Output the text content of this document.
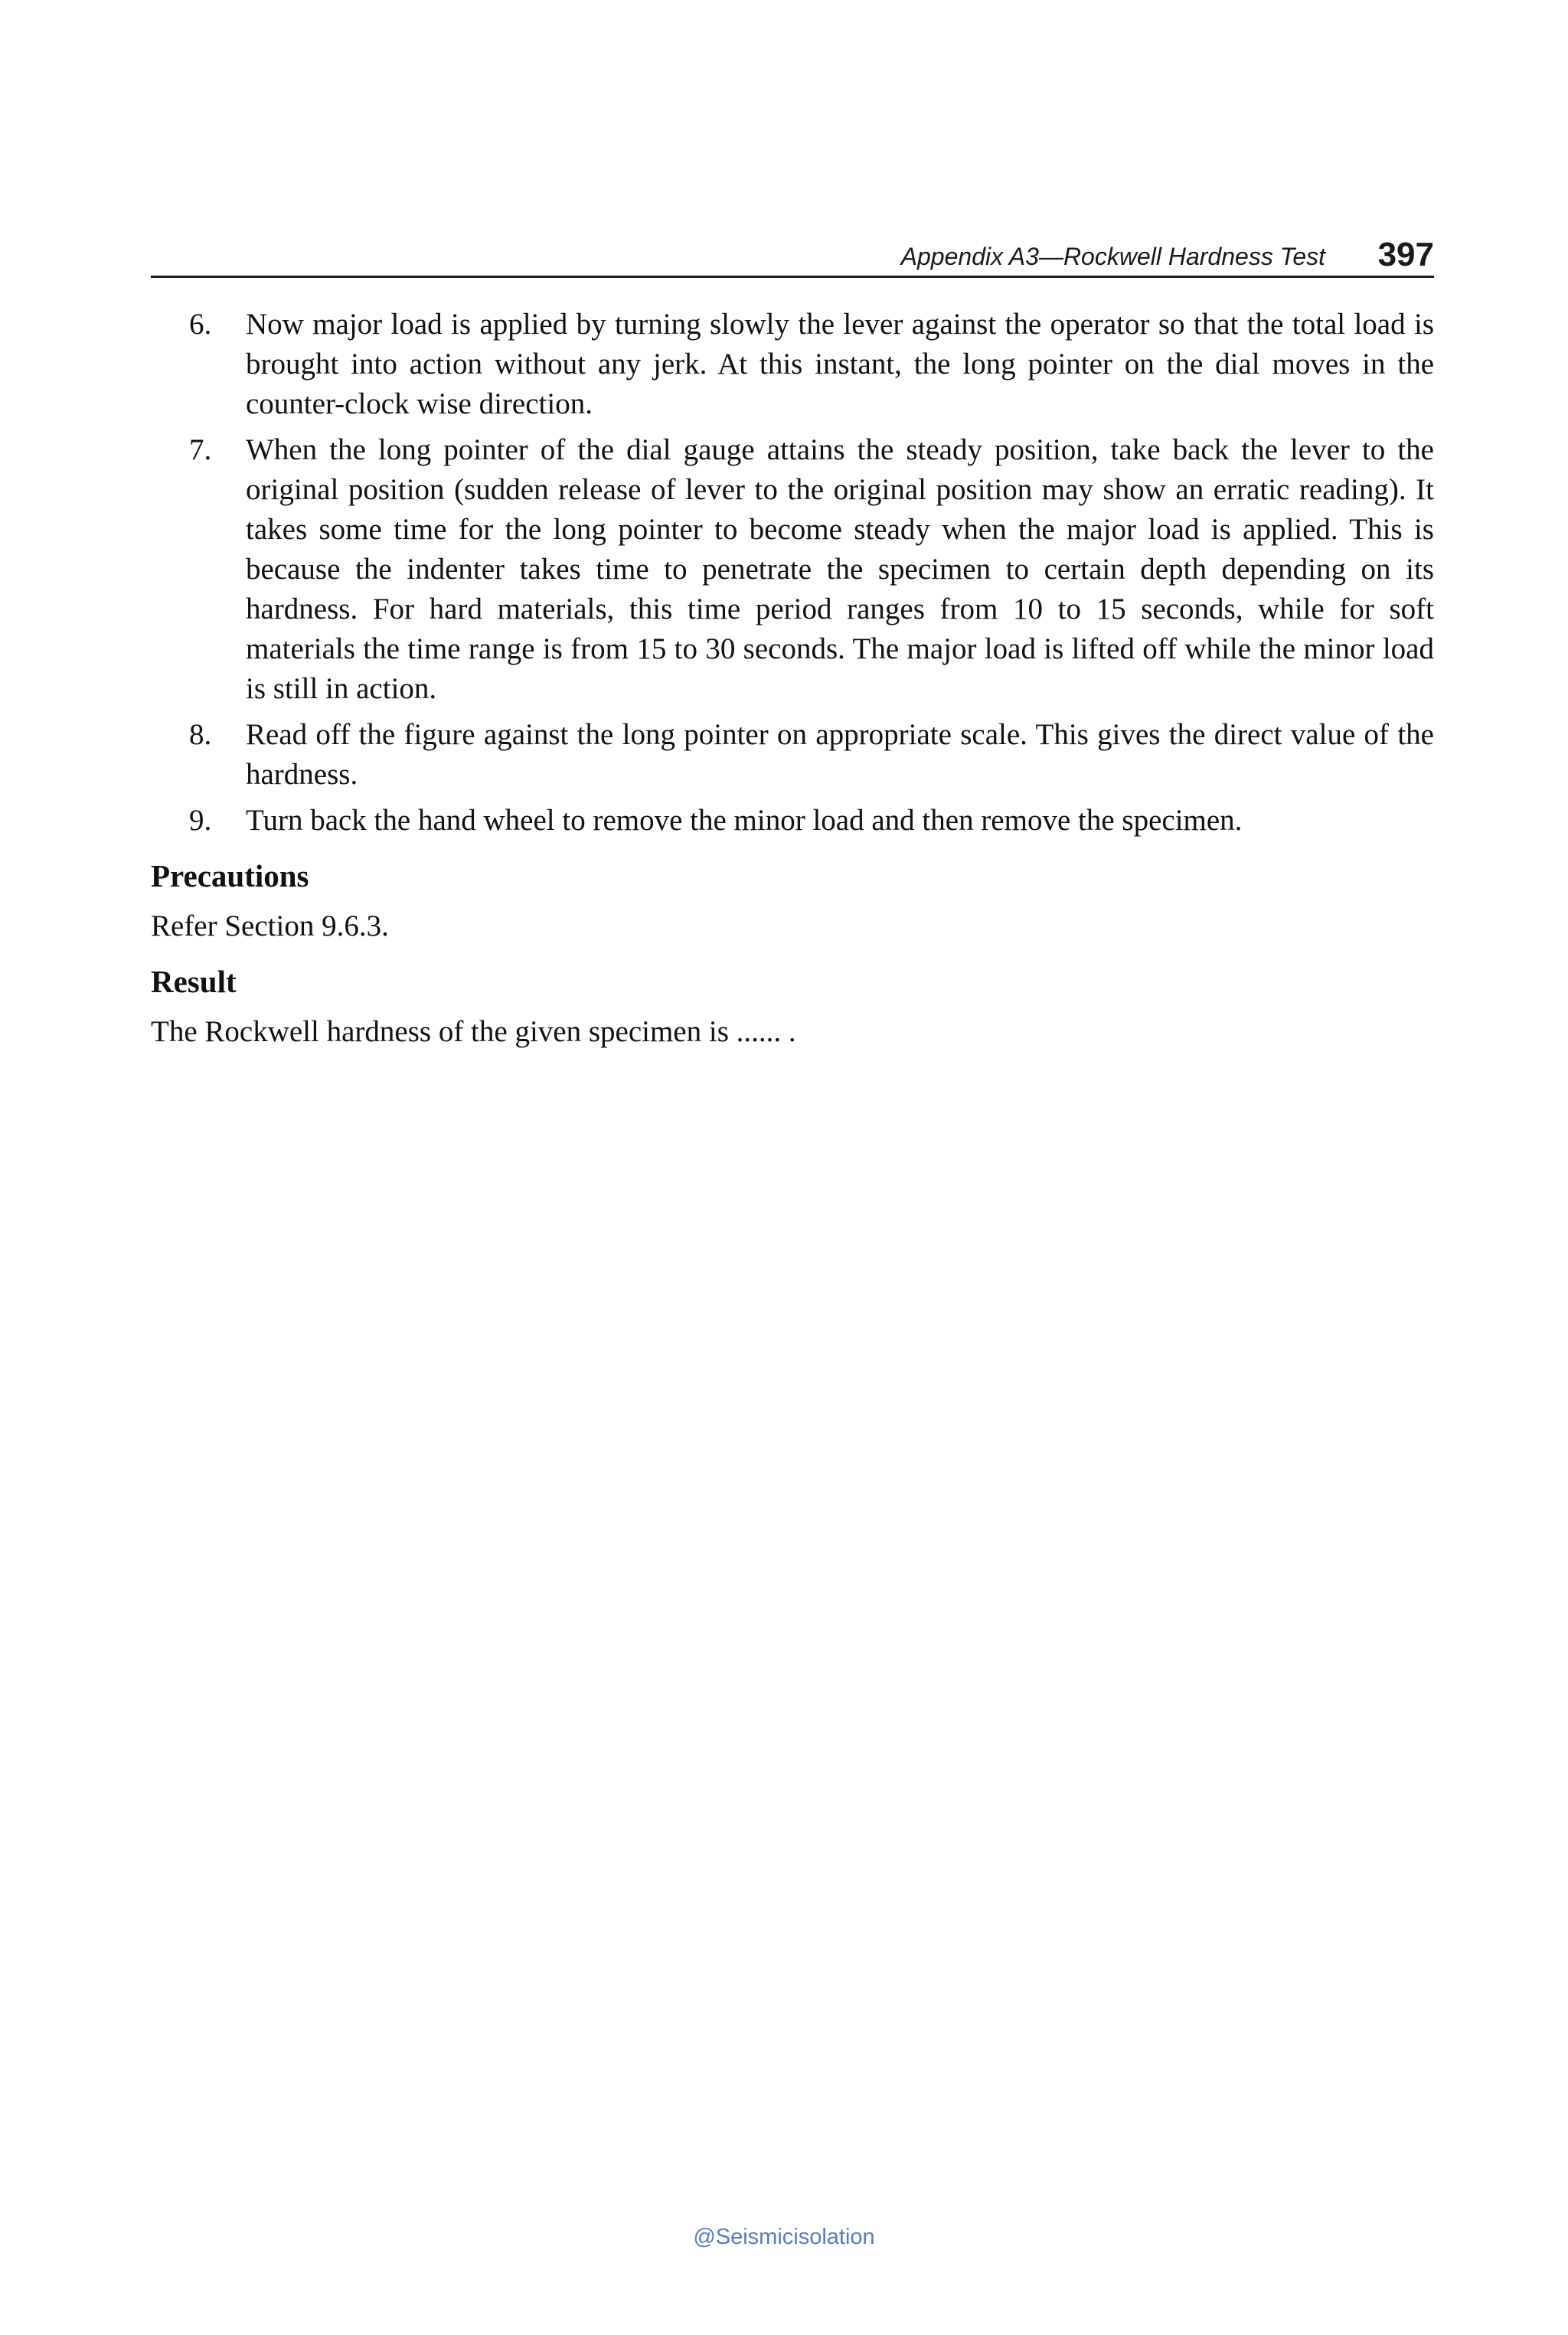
Appendix A3—Rockwell Hardness Test 397
6. Now major load is applied by turning slowly the lever against the operator so that the total load is brought into action without any jerk. At this instant, the long pointer on the dial moves in the counter-clock wise direction.
7. When the long pointer of the dial gauge attains the steady position, take back the lever to the original position (sudden release of lever to the original position may show an erratic reading). It takes some time for the long pointer to become steady when the major load is applied. This is because the indenter takes time to penetrate the specimen to certain depth depending on its hardness. For hard materials, this time period ranges from 10 to 15 seconds, while for soft materials the time range is from 15 to 30 seconds. The major load is lifted off while the minor load is still in action.
8. Read off the figure against the long pointer on appropriate scale. This gives the direct value of the hardness.
9. Turn back the hand wheel to remove the minor load and then remove the specimen.
Precautions

Refer Section 9.6.3.

Result

The Rockwell hardness of the given specimen is ...... .

@Seismicisolation
